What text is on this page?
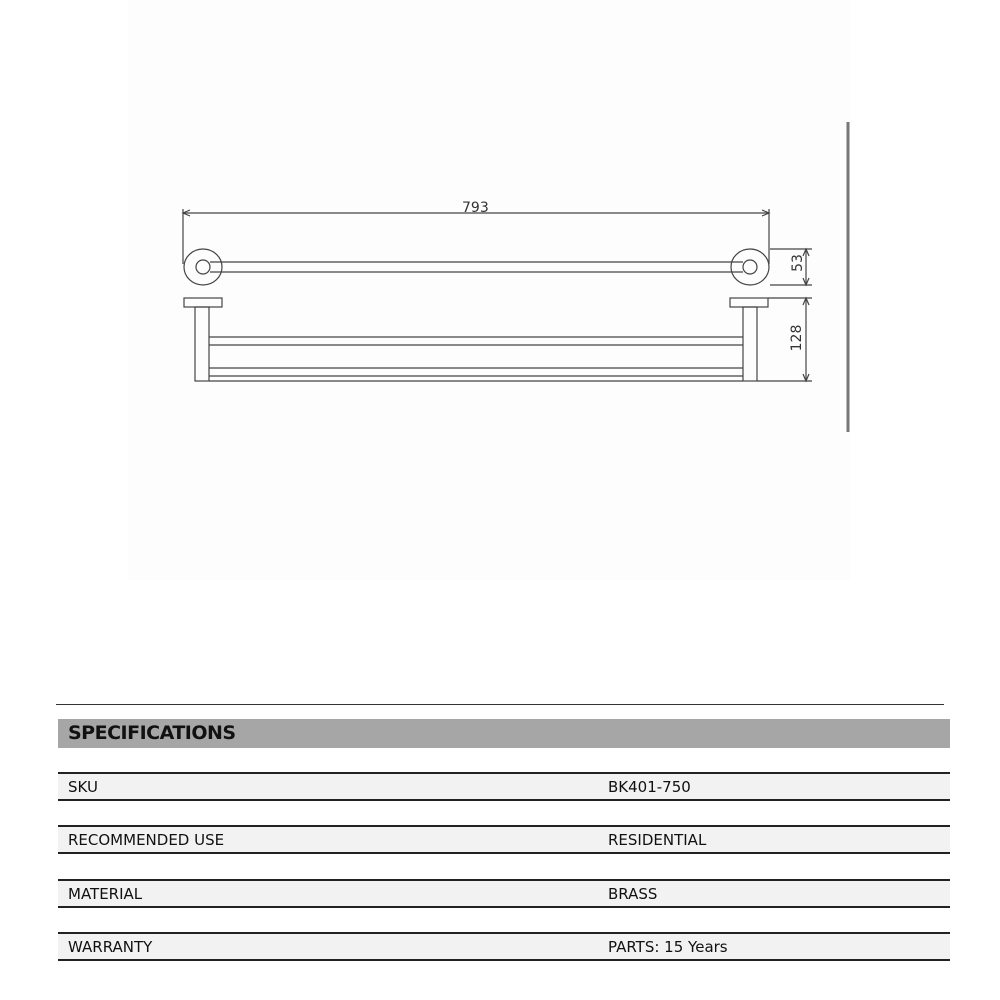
793
53
128
SPECIFICATIONS
SKU	BK401-750
RECOMMENDED USE	RESIDENTIAL
MATERIAL	BRASS
WARRANTY	PARTS: 15 Years
